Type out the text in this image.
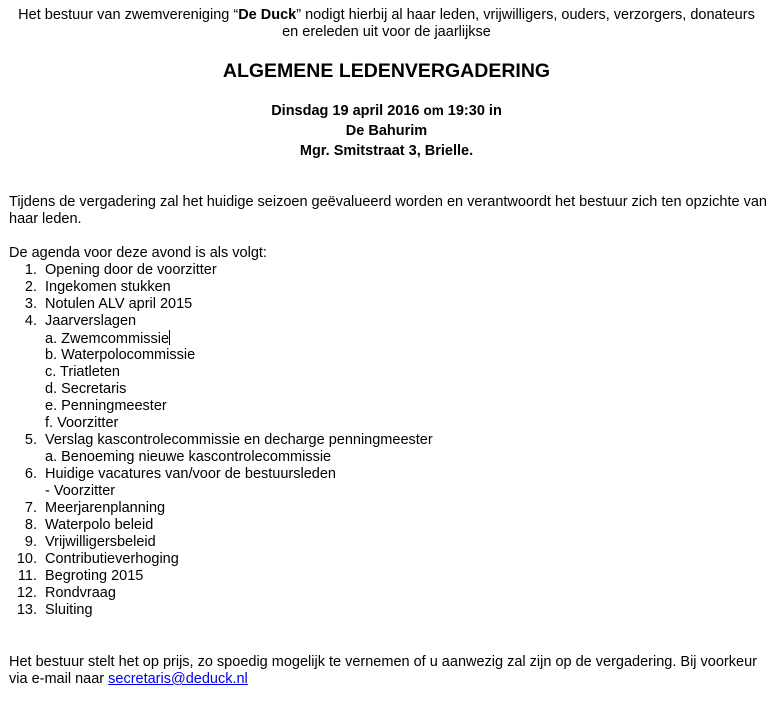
Het bestuur van zwemvereniging “De Duck” nodigt hierbij al haar leden, vrijwilligers, ouders, verzorgers, donateurs
en ereleden uit voor de jaarlijkse
ALGEMENE LEDENVERGADERING
Dinsdag 19 april 2016 om 19:30 in
De Bahurim
Mgr. Smitstraat 3, Brielle.
Tijdens de vergadering zal het huidige seizoen geëvalueerd worden en verantwoordt het bestuur zich ten opzichte van haar leden.
De agenda voor deze avond is als volgt:
1. Opening door de voorzitter
2. Ingekomen stukken
3. Notulen ALV april 2015
4. Jaarverslagen
a. Zwemcommissie
b. Waterpolocommissie
c. Triatleten
d. Secretaris
e. Penningmeester
f. Voorzitter
5. Verslag kascontrolecommissie en decharge penningmeester
a. Benoeming nieuwe kascontrolecommissie
6. Huidige vacatures van/voor de bestuursleden
- Voorzitter
7. Meerjarenplanning
8. Waterpolo beleid
9. Vrijwilligersbeleid
10. Contributieverhoging
11. Begroting 2015
12. Rondvraag
13. Sluiting
Het bestuur stelt het op prijs, zo spoedig mogelijk te vernemen of u aanwezig zal zijn op de vergadering. Bij voorkeur via e-mail naar secretaris@deduck.nl
